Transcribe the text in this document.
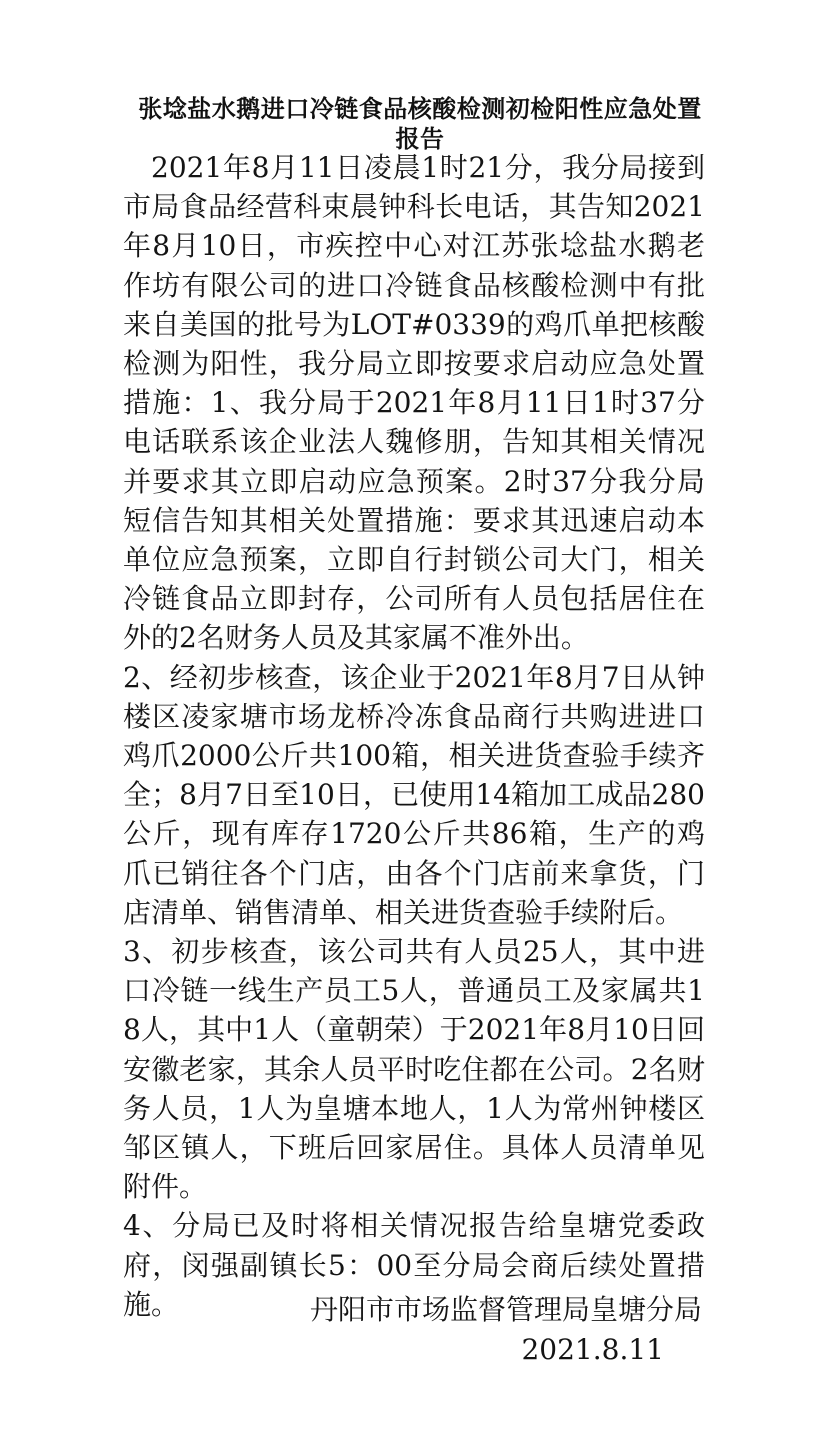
张埝盐水鹅进口冷链食品核酸检测初检阳性应急处置
报告

2021年8月11日凌晨1时21分，我分局接到市局食品经营科束晨钟科长电话，其告知2021年8月10日，市疾控中心对江苏张埝盐水鹅老作坊有限公司的进口冷链食品核酸检测中有批来自美国的批号为LOT#0339的鸡爪单把核酸检测为阳性，我分局立即按要求启动应急处置措施：1、我分局于2021年8月11日1时37分电话联系该企业法人魏修朋，告知其相关情况并要求其立即启动应急预案。2时37分我分局短信告知其相关处置措施：要求其迅速启动本单位应急预案，立即自行封锁公司大门，相关冷链食品立即封存，公司所有人员包括居住在外的2名财务人员及其家属不准外出。

2、经初步核查，该企业于2021年8月7日从钟楼区凌家塘市场龙桥冷冻食品商行共购进进口鸡爪2000公斤共100箱，相关进货查验手续齐全；8月7日至10日，已使用14箱加工成品280公斤，现有库存1720公斤共86箱，生产的鸡爪已销往各个门店，由各个门店前来拿货，门店清单、销售清单、相关进货查验手续附后。

3、初步核查，该公司共有人员25人，其中进口冷链一线生产员工5人，普通员工及家属共18人，其中1人（童朝荣）于2021年8月10日回安徽老家，其余人员平时吃住都在公司。2名财务人员，1人为皇塘本地人，1人为常州钟楼区邹区镇人，下班后回家居住。具体人员清单见附件。

4、分局已及时将相关情况报告给皇塘党委政府，闵强副镇长5：00至分局会商后续处置措施。	丹阳市市场监督管理局皇塘分局
2021.8.11
